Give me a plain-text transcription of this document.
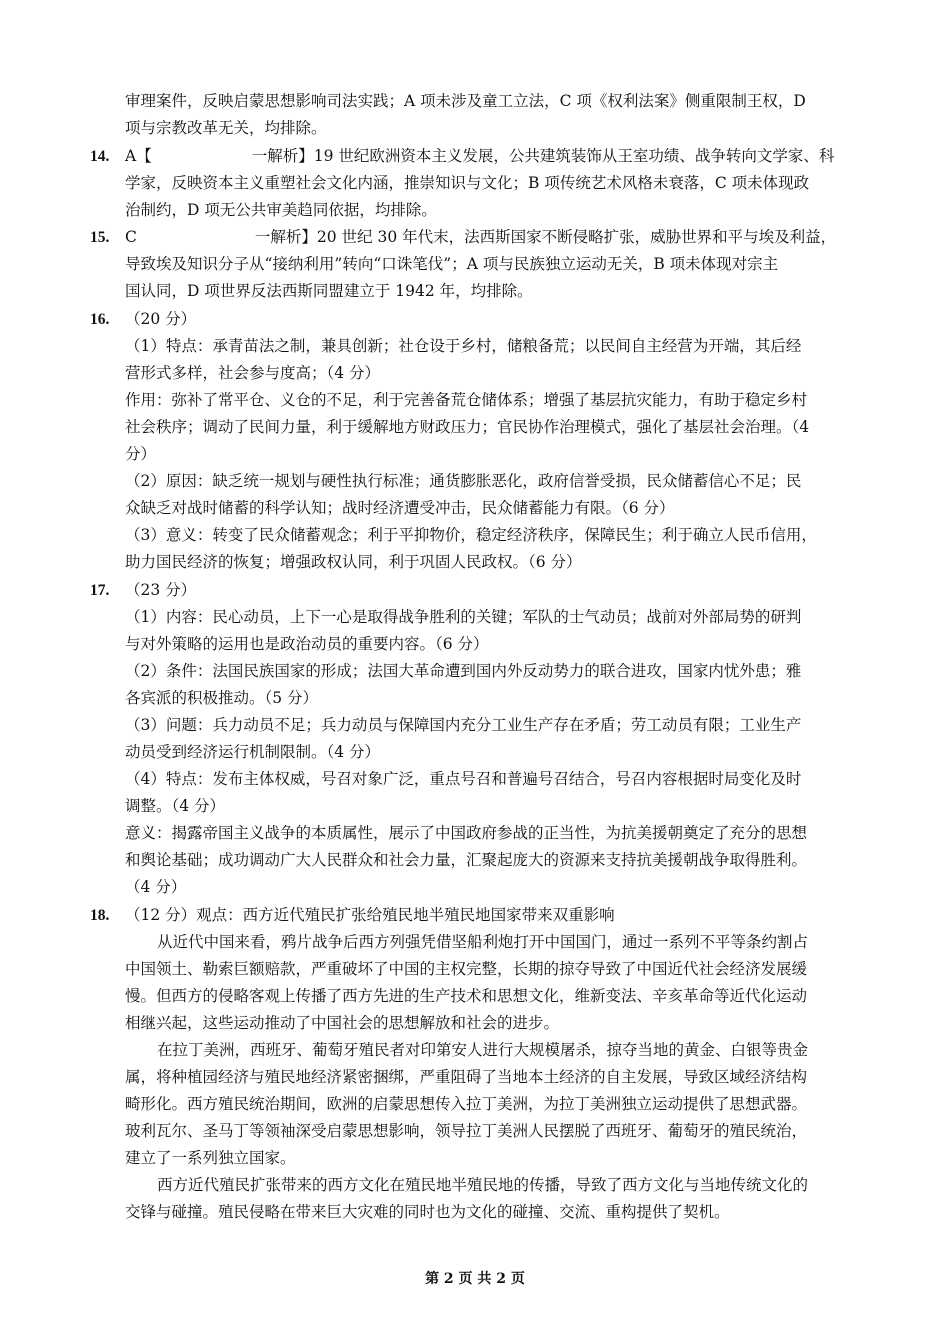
审理案件，反映启蒙思想影响司法实践；A 项未涉及童工立法，C 项《权利法案》侧重限制王权，D
项与宗教改革无关，均排除。
14. A【	一解析】19 世纪欧洲资本主义发展，公共建筑装饰从王室功绩、战争转向文学家、科
学家，反映资本主义重塑社会文化内涵，推崇知识与文化；B 项传统艺术风格未衰落，C 项未体现政
治制约，D 项无公共审美趋同依据，均排除。
15. C	一解析】20 世纪 30 年代末，法西斯国家不断侵略扩张，威胁世界和平与埃及利益，
导致埃及知识分子从“接纳利用”转向“口诛笔伐”；A 项与民族独立运动无关，B 项未体现对宗主
国认同，D 项世界反法西斯同盟建立于 1942 年，均排除。
16. （20 分）
（1）特点：承青苗法之制，兼具创新；社仓设于乡村，储粮备荒；以民间自主经营为开端，其后经
营形式多样，社会参与度高；（4 分）
作用：弥补了常平仓、义仓的不足，利于完善备荒仓储体系；增强了基层抗灾能力，有助于稳定乡村
社会秩序；调动了民间力量，利于缓解地方财政压力；官民协作治理模式，强化了基层社会治理。（4
分）
（2）原因：缺乏统一规划与硬性执行标准；通货膨胀恶化，政府信誉受损，民众储蓄信心不足；民
众缺乏对战时储蓄的科学认知；战时经济遭受冲击，民众储蓄能力有限。（6 分）
（3）意义：转变了民众储蓄观念；利于平抑物价，稳定经济秩序，保障民生；利于确立人民币信用，
助力国民经济的恢复；增强政权认同，利于巩固人民政权。（6 分）
17. （23 分）
（1）内容：民心动员，上下一心是取得战争胜利的关键；军队的士气动员；战前对外部局势的研判
与对外策略的运用也是政治动员的重要内容。（6 分）
（2）条件：法国民族国家的形成；法国大革命遭到国内外反动势力的联合进攻，国家内忧外患；雅
各宾派的积极推动。（5 分）
（3）问题：兵力动员不足；兵力动员与保障国内充分工业生产存在矛盾；劳工动员有限；工业生产
动员受到经济运行机制限制。（4 分）
（4）特点：发布主体权威，号召对象广泛，重点号召和普遍号召结合，号召内容根据时局变化及时
调整。（4 分）
意义：揭露帝国主义战争的本质属性，展示了中国政府参战的正当性，为抗美援朝奠定了充分的思想
和舆论基础；成功调动广大人民群众和社会力量，汇聚起庞大的资源来支持抗美援朝战争取得胜利。
（4 分）
18. （12 分）观点：西方近代殖民扩张给殖民地半殖民地国家带来双重影响
从近代中国来看，鸦片战争后西方列强凭借坚船利炮打开中国国门，通过一系列不平等条约割占
中国领土、勒索巨额赔款，严重破坏了中国的主权完整，长期的掠夺导致了中国近代社会经济发展缓
慢。但西方的侵略客观上传播了西方先进的生产技术和思想文化，维新变法、辛亥革命等近代化运动
相继兴起，这些运动推动了中国社会的思想解放和社会的进步。
在拉丁美洲，西班牙、葡萄牙殖民者对印第安人进行大规模屠杀，掠夺当地的黄金、白银等贵金
属，将种植园经济与殖民地经济紧密捆绑，严重阻碍了当地本土经济的自主发展，导致区域经济结构
畸形化。西方殖民统治期间，欧洲的启蒙思想传入拉丁美洲，为拉丁美洲独立运动提供了思想武器。
玻利瓦尔、圣马丁等领袖深受启蒙思想影响，领导拉丁美洲人民摆脱了西班牙、葡萄牙的殖民统治，
建立了一系列独立国家。
西方近代殖民扩张带来的西方文化在殖民地半殖民地的传播，导致了西方文化与当地传统文化的
交锋与碰撞。殖民侵略在带来巨大灾难的同时也为文化的碰撞、交流、重构提供了契机。
第 2 页 共 2 页
